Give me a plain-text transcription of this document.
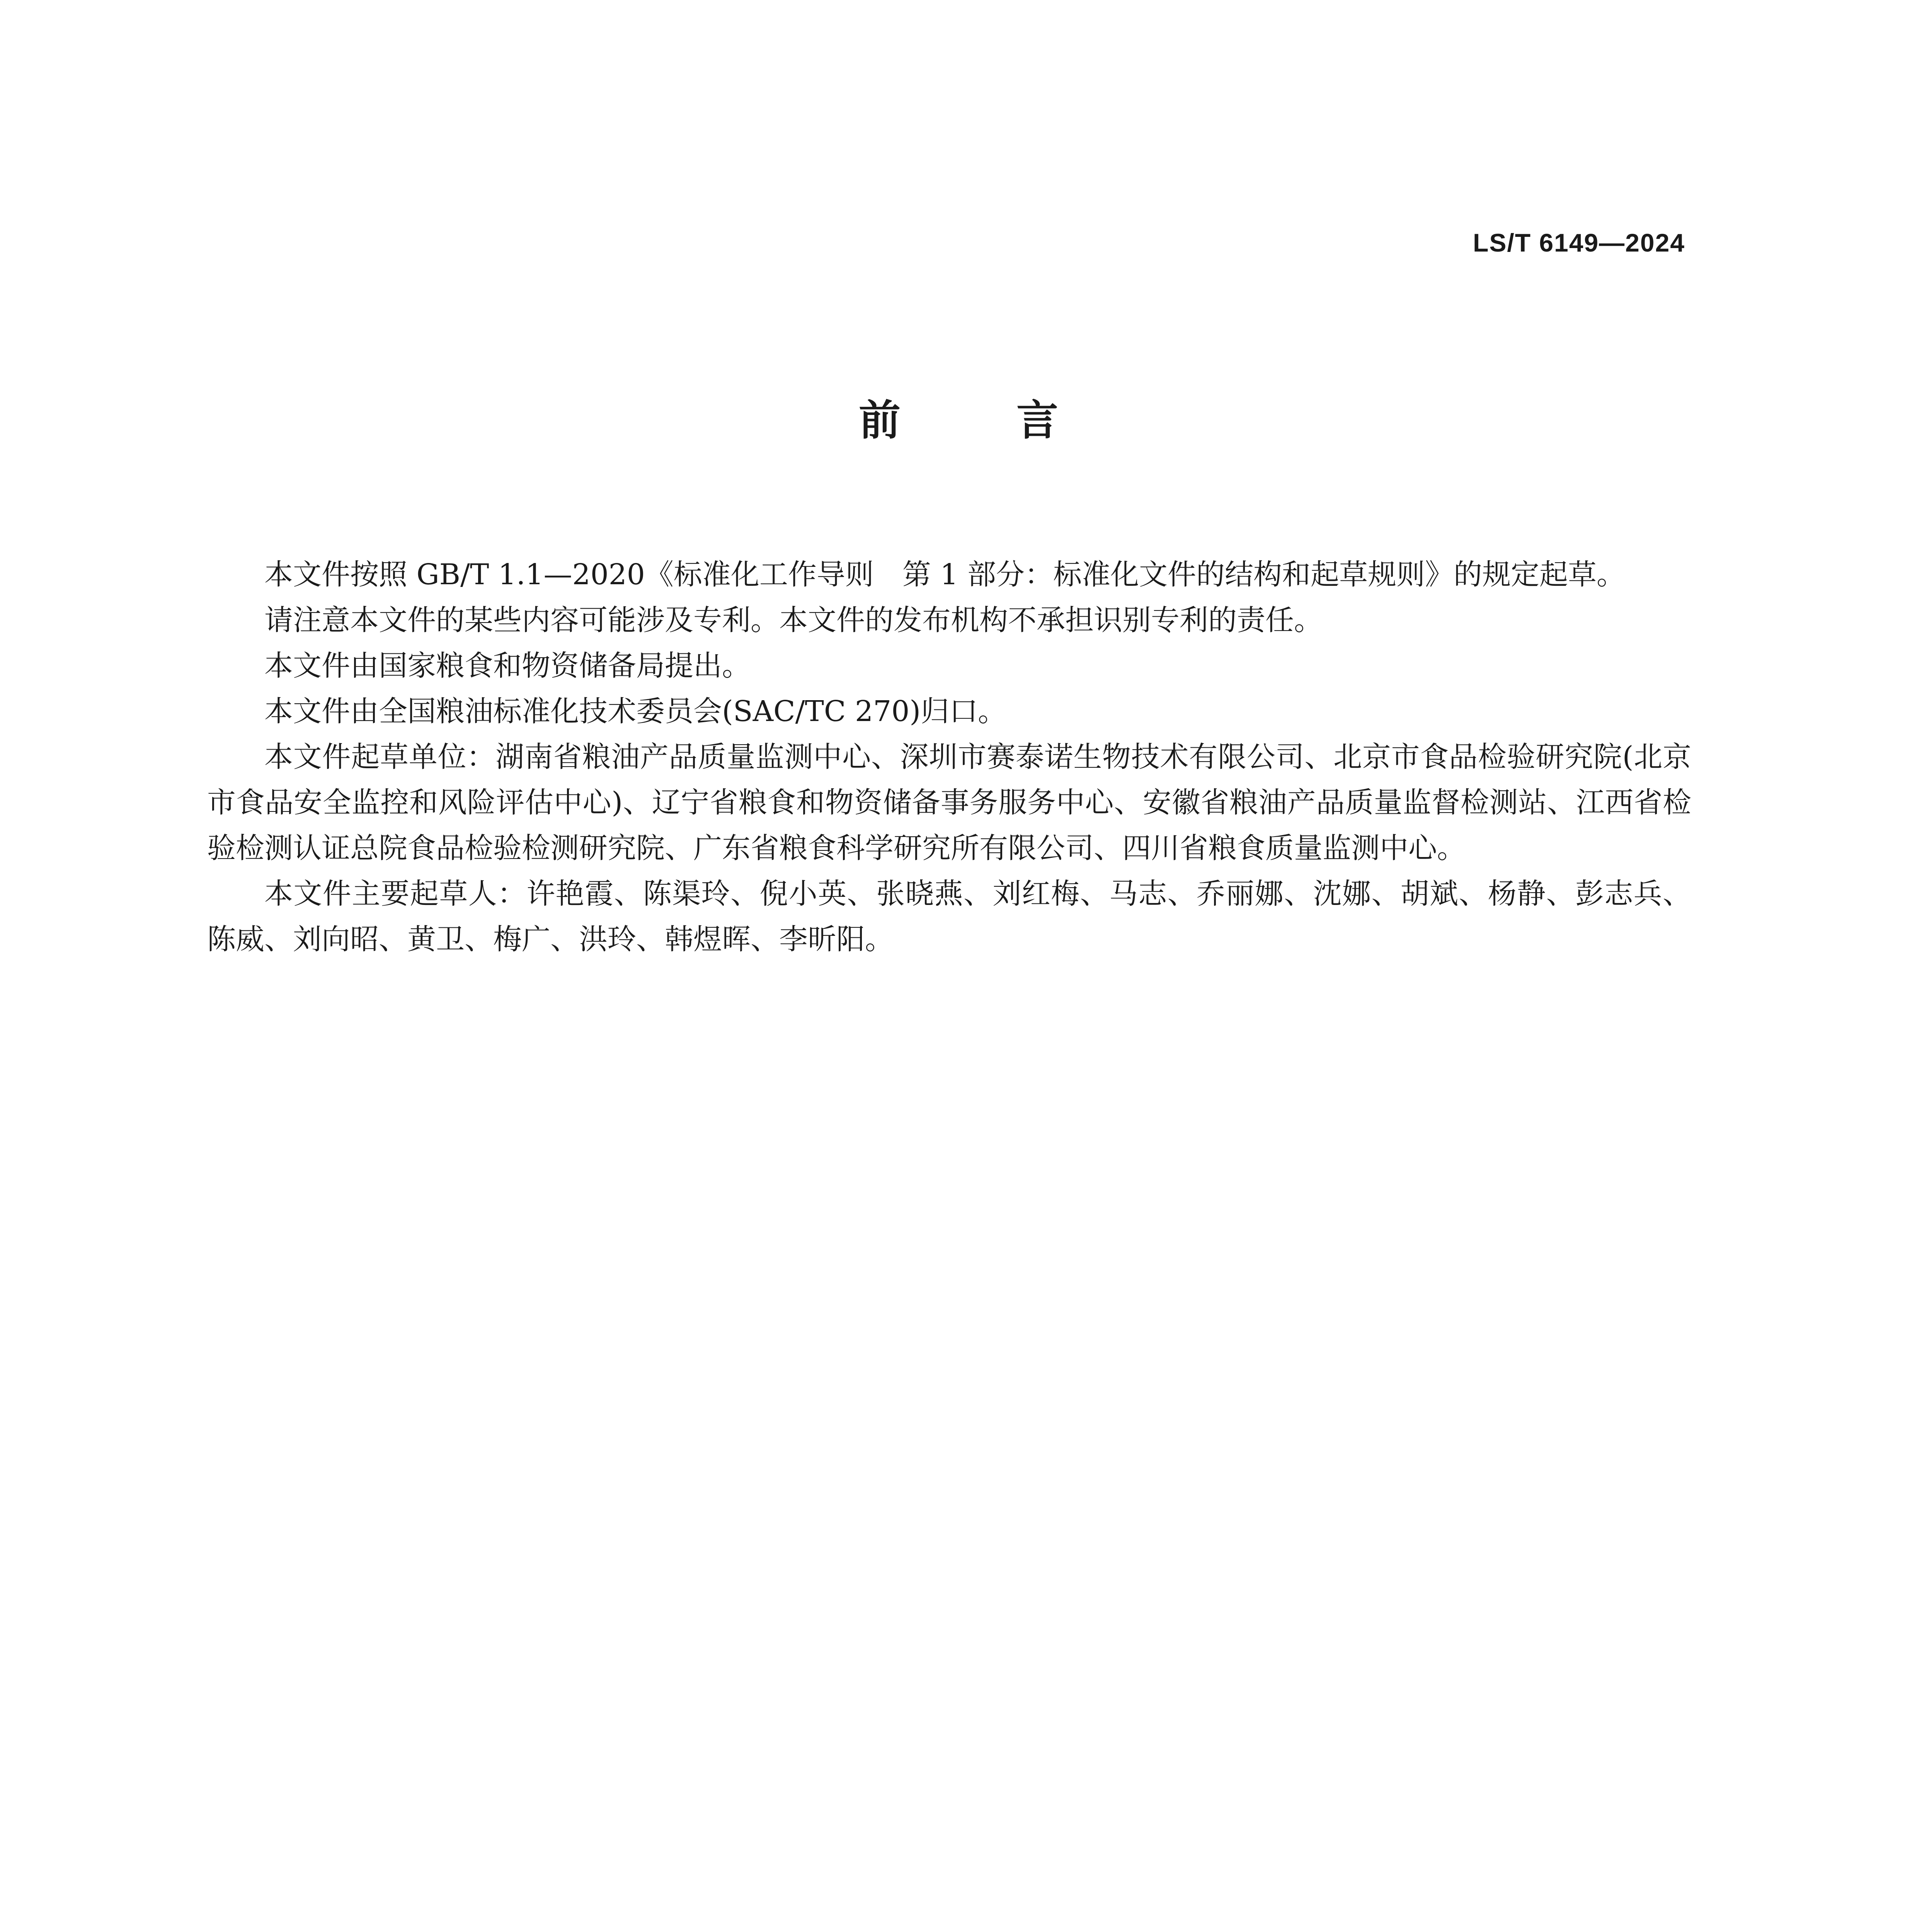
LS/T 6149—2024
前言

本文件按照 GB/T 1.1—2020《标准化工作导则　第 1 部分：标准化文件的结构和起草规则》的规定起草。

请注意本文件的某些内容可能涉及专利。本文件的发布机构不承担识别专利的责任。

本文件由国家粮食和物资储备局提出。

本文件由全国粮油标准化技术委员会(SAC/TC 270)归口。

本文件起草单位：湖南省粮油产品质量监测中心、深圳市赛泰诺生物技术有限公司、北京市食品检验研究院(北京市食品安全监控和风险评估中心)、辽宁省粮食和物资储备事务服务中心、安徽省粮油产品质量监督检测站、江西省检验检测认证总院食品检验检测研究院、广东省粮食科学研究所有限公司、四川省粮食质量监测中心。

本文件主要起草人：许艳霞、陈渠玲、倪小英、张晓燕、刘红梅、马志、乔丽娜、沈娜、胡斌、杨静、彭志兵、陈威、刘向昭、黄卫、梅广、洪玲、韩煜晖、李昕阳。
